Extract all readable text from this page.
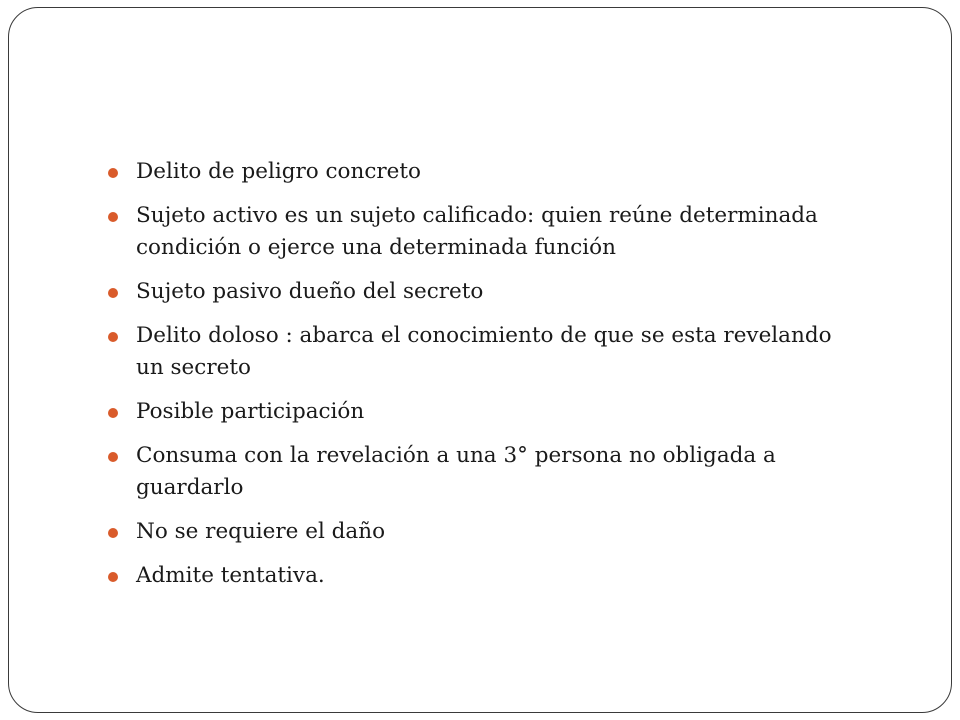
Delito de peligro concreto
Sujeto activo es un sujeto calificado: quien reúne determinada condición o ejerce una determinada función
Sujeto pasivo dueño del secreto
Delito doloso : abarca el conocimiento de que se esta revelando un secreto
Posible participación
Consuma con la revelación a una 3° persona no obligada a guardarlo
No se requiere el daño
Admite tentativa.
